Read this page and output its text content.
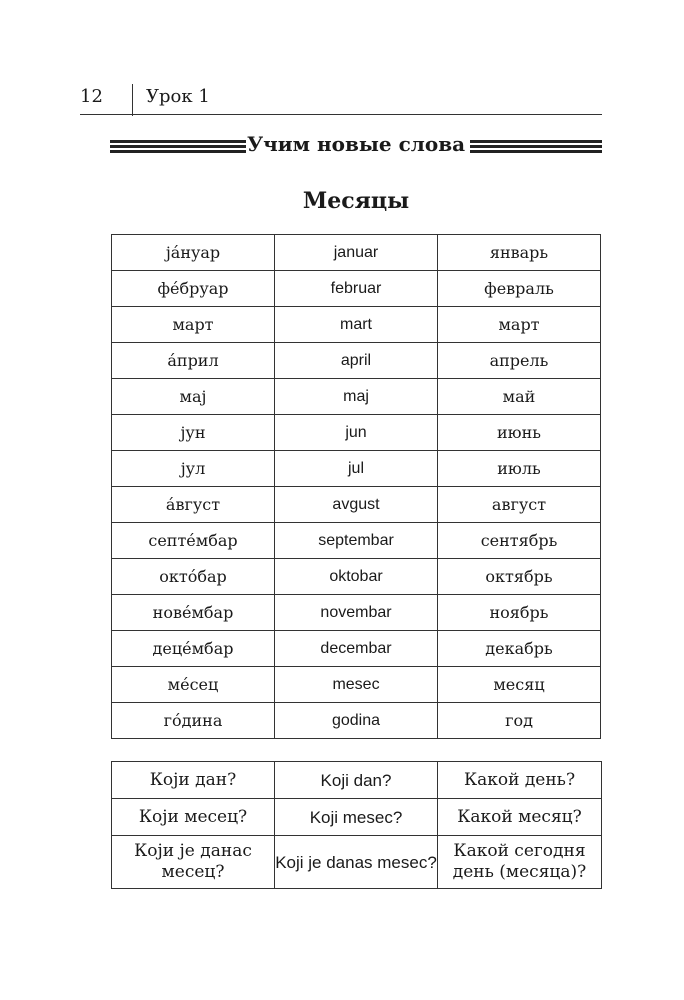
12 Урок 1
Учим новые слова
Месяцы
ја́нуар	januar	январь
фе́бруар	februar	февраль
март	mart	март
а́прил	april	апрель
мај	maj	май
јун	jun	июнь
јул	jul	июль
а́вгуст	avgust	август
септе́мбар	septembar	сентябрь
окто́бар	oktobar	октябрь
нове́мбар	novembar	ноябрь
деце́мбар	decembar	декабрь
ме́сец	mesec	месяц
го́дина	godina	год
Који дан?	Koji dan?	Какой день?
Који месец?	Koji mesec?	Какой месяц?
Који је данас месец?	Koji je danas mesec?	Какой сегодня день (месяца)?
